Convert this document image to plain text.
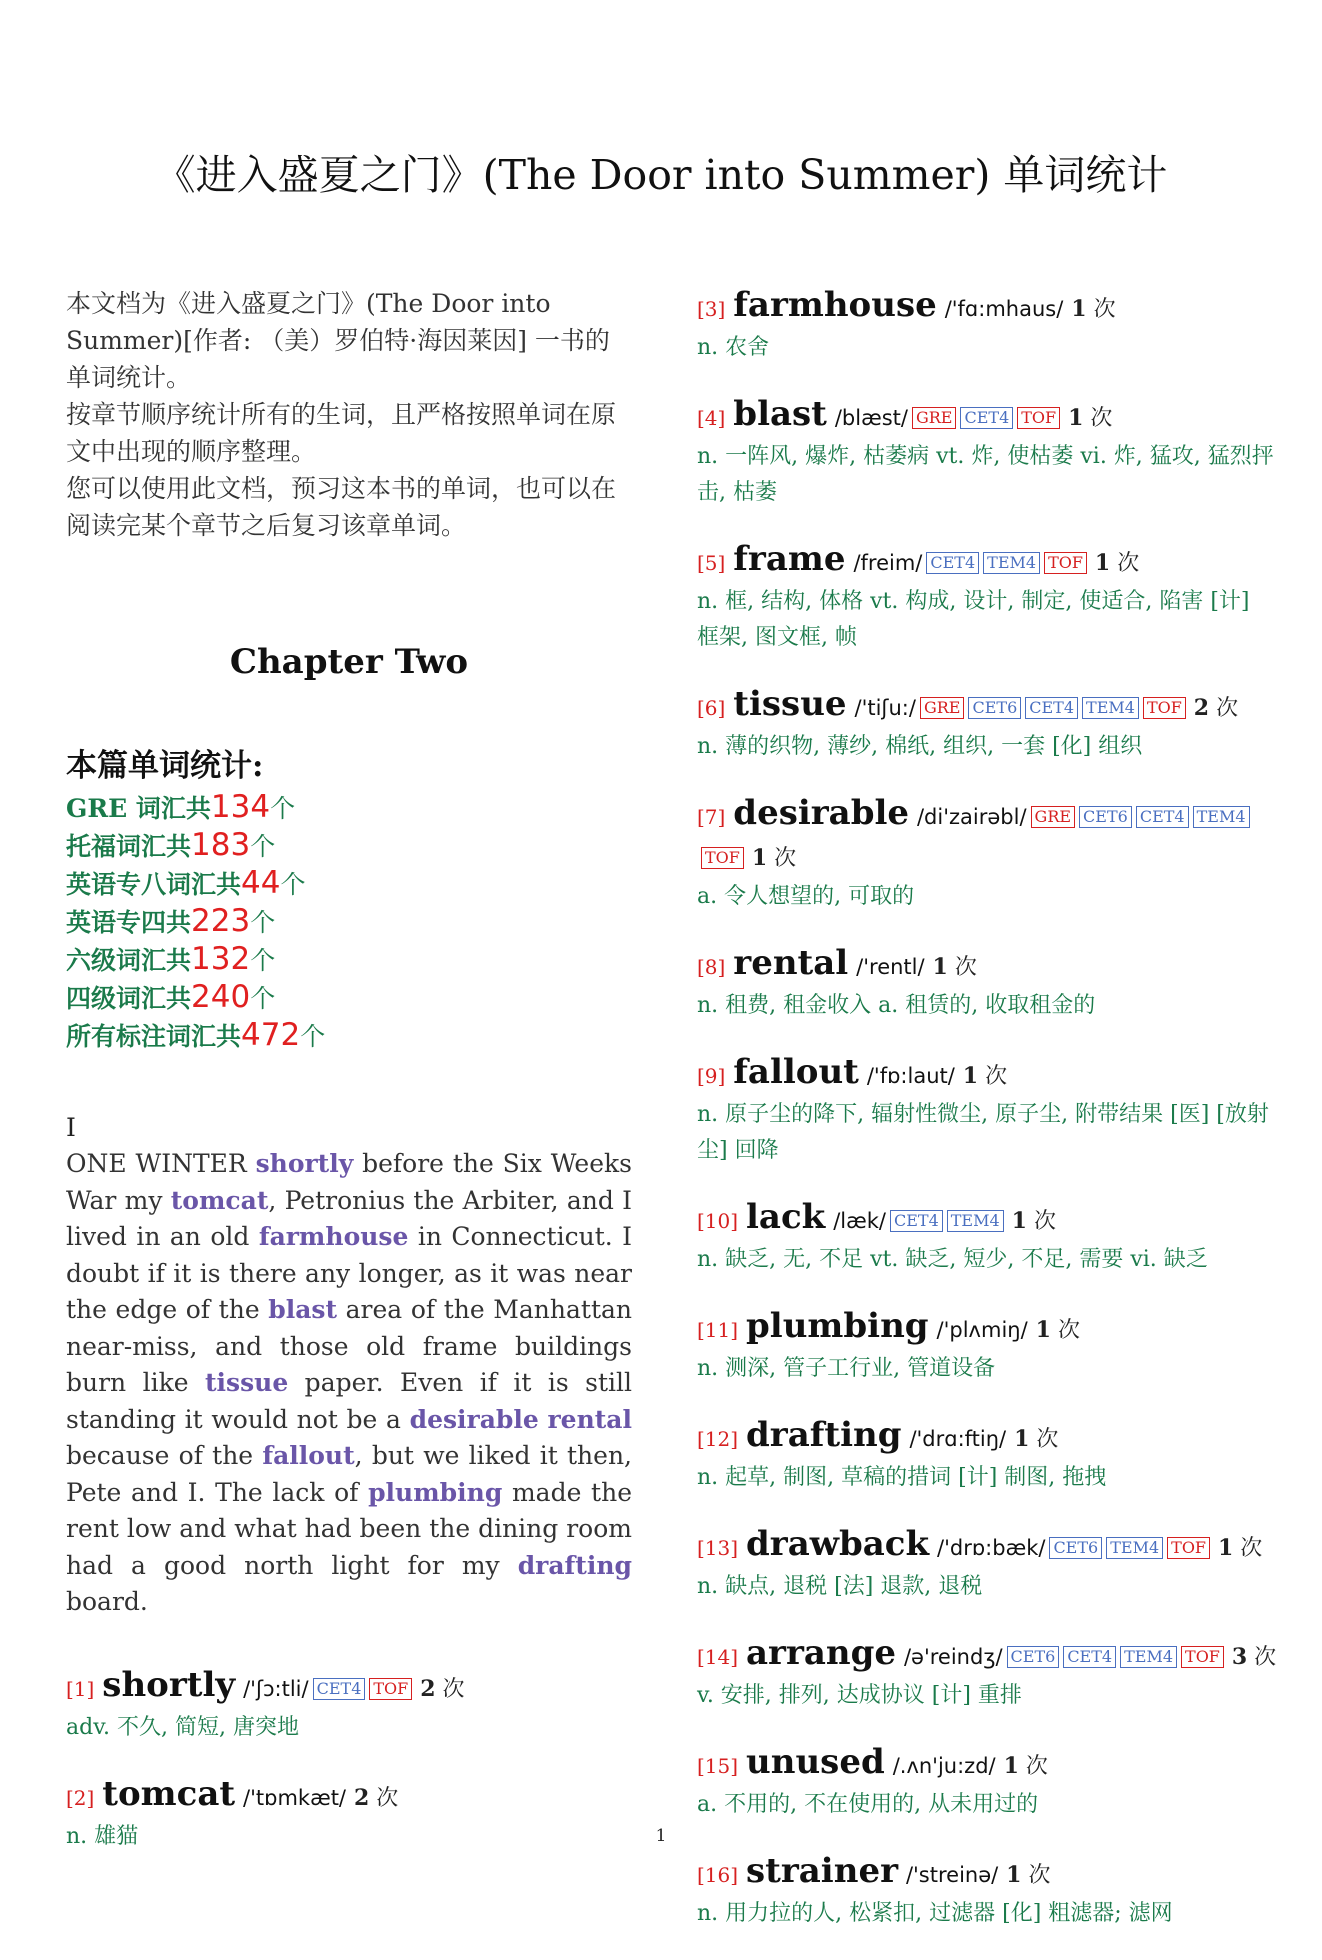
《进入盛夏之门》(The Door into Summer) 单词统计

本文档为《进入盛夏之门》(The Door into Summer)[作者: （美）罗伯特·海因莱因] 一书的单词统计。

按章节顺序统计所有的生词，且严格按照单词在原文中出现的顺序整理。

您可以使用此文档，预习这本书的单词，也可以在阅读完某个章节之后复习该章单词。

Chapter Two
本篇单词统计:
GRE 词汇共134个
托福词汇共183个
英语专八词汇共44个
英语专四共223个
六级词汇共132个
四级词汇共240个
所有标注词汇共472个
I

ONE WINTER shortly before the Six Weeks War my tomcat, Petronius the Arbiter, and I lived in an old farmhouse in Connecticut. I doubt if it is there any longer, as it was near the edge of the blast area of the Manhattan near-miss, and those old frame buildings burn like tissue paper. Even if it is still standing it would not be a desirable rental because of the fallout, but we liked it then, Pete and I. The lack of plumbing made the rent low and what had been the dining room had a good north light for my drafting board.

[1] shortly /'ʃɔ:tli/ CET4 TOF 2 次
adv. 不久, 简短, 唐突地
[2] tomcat /'tɒmkæt/ 2 次
n. 雄猫
[3] farmhouse /'fɑ:mhaus/ 1 次
n. 农舍
[4] blast /blæst/ GRE CET4 TOF 1 次
n. 一阵风, 爆炸, 枯萎病 vt. 炸, 使枯萎 vi. 炸, 猛攻, 猛烈抨击, 枯萎
[5] frame /freim/ CET4 TEM4 TOF 1 次
n. 框, 结构, 体格 vt. 构成, 设计, 制定, 使适合, 陷害 [计] 框架, 图文框, 帧
[6] tissue /'tiʃu:/ GRE CET6 CET4 TEM4 TOF 2 次
n. 薄的织物, 薄纱, 棉纸, 组织, 一套 [化] 组织
[7] desirable /di'zairəbl/ GRE CET6 CET4 TEM4TOF 1 次
a. 令人想望的, 可取的
[8] rental /'rentl/ 1 次
n. 租费, 租金收入 a. 租赁的, 收取租金的
[9] fallout /'fɒ:laut/ 1 次
n. 原子尘的降下, 辐射性微尘, 原子尘, 附带结果 [医] [放射尘] 回降
[10] lack /læk/ CET4 TEM4 1 次
n. 缺乏, 无, 不足 vt. 缺乏, 短少, 不足, 需要 vi. 缺乏
[11] plumbing /'plʌmiŋ/ 1 次
n. 测深, 管子工行业, 管道设备
[12] drafting /'drɑ:ftiŋ/ 1 次
n. 起草, 制图, 草稿的措词 [计] 制图, 拖拽
[13] drawback /'drɒ:bæk/ CET6 TEM4 TOF 1 次
n. 缺点, 退税 [法] 退款, 退税
[14] arrange /ə'reindʒ/ CET6 CET4 TEM4 TOF 3 次
v. 安排, 排列, 达成协议 [计] 重排
[15] unused /.ʌn'ju:zd/ 1 次
a. 不用的, 不在使用的, 从未用过的
[16] strainer /'streinə/ 1 次
n. 用力拉的人, 松紧扣, 过滤器 [化] 粗滤器; 滤网
1
